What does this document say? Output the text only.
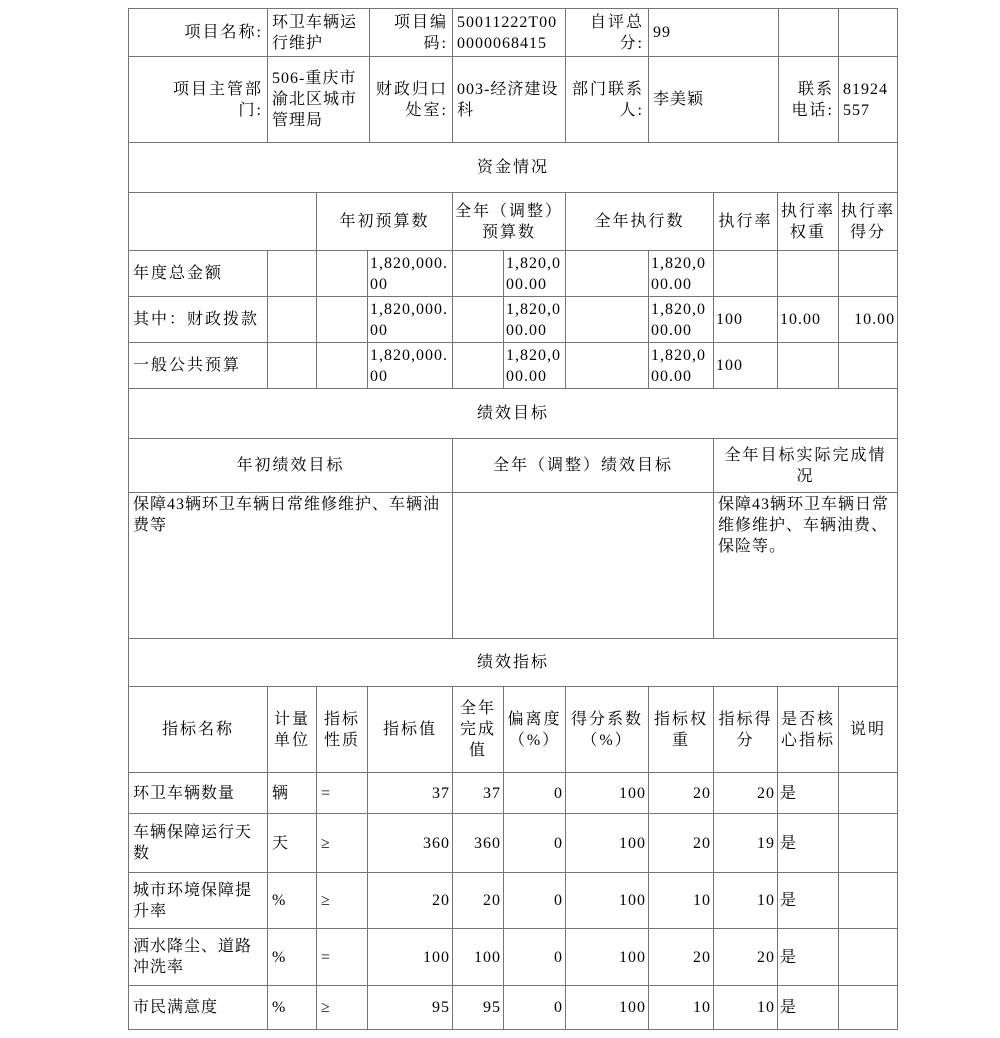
项目名称:	环卫车辆运行维护	项目编码:	50011222T000000068415	自评总分:	99		
项目主管部门:	506-重庆市渝北区城市管理局	财政归口处室:	003-经济建设科	部门联系人:	李美颖	联系电话:	81924557
资金情况										
		年初预算数		全年（调整）预算数		全年执行数		执行率	执行率权重	执行率得分
年度总金额			1,820,000.00		1,820,000.00		1,820,000.00			
其中：财政拨款			1,820,000.00		1,820,000.00		1,820,000.00	100	10.00	10.00
一般公共预算			1,820,000.00		1,820,000.00		1,820,000.00	100		
绩效目标		
年初绩效目标	全年（调整）绩效目标	全年目标实际完成情况
保障43辆环卫车辆日常维修维护、车辆油费等		保障43辆环卫车辆日常维修维护、车辆油费、保险等。
绩效指标										
指标名称	计量单位	指标性质	指标值	全年完成值	偏离度（%）	得分系数（%）	指标权重	指标得分	是否核心指标	说明
环卫车辆数量	辆	=	37	37	0	100	20	20	是	
车辆保障运行天数	天	≥	360	360	0	100	20	19	是	
城市环境保障提升率	%	≥	20	20	0	100	10	10	是	
洒水降尘、道路冲洗率	%	=	100	100	0	100	20	20	是	
市民满意度	%	≥	95	95	0	100	10	10	是	
